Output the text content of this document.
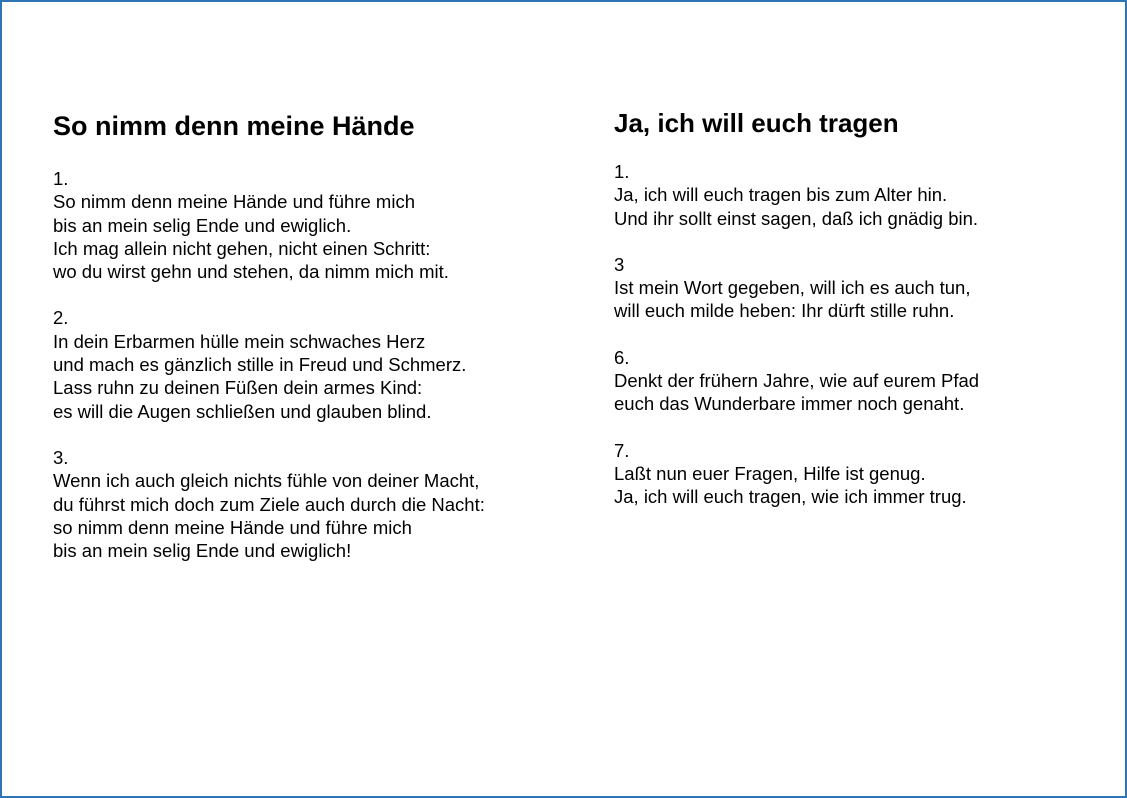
So nimm denn meine Hände
1.
So nimm denn meine Hände und führe mich
bis an mein selig Ende und ewiglich.
Ich mag allein nicht gehen, nicht einen Schritt:
wo du wirst gehn und stehen, da nimm mich mit.
2.
In dein Erbarmen hülle mein schwaches Herz
und mach es gänzlich stille in Freud und Schmerz.
Lass ruhn zu deinen Füßen dein armes Kind:
es will die Augen schließen und glauben blind.
3.
Wenn ich auch gleich nichts fühle von deiner Macht,
du führst mich doch zum Ziele auch durch die Nacht:
so nimm denn meine Hände und führe mich
bis an mein selig Ende und ewiglich!
Ja, ich will euch tragen
1.
Ja, ich will euch tragen bis zum Alter hin.
Und ihr sollt einst sagen, daß ich gnädig bin.
3
Ist mein Wort gegeben, will ich es auch tun,
will euch milde heben: Ihr dürft stille ruhn.
6.
Denkt der frühern Jahre, wie auf eurem Pfad
euch das Wunderbare immer noch genaht.
7.
Laßt nun euer Fragen, Hilfe ist genug.
Ja, ich will euch tragen, wie ich immer trug.
